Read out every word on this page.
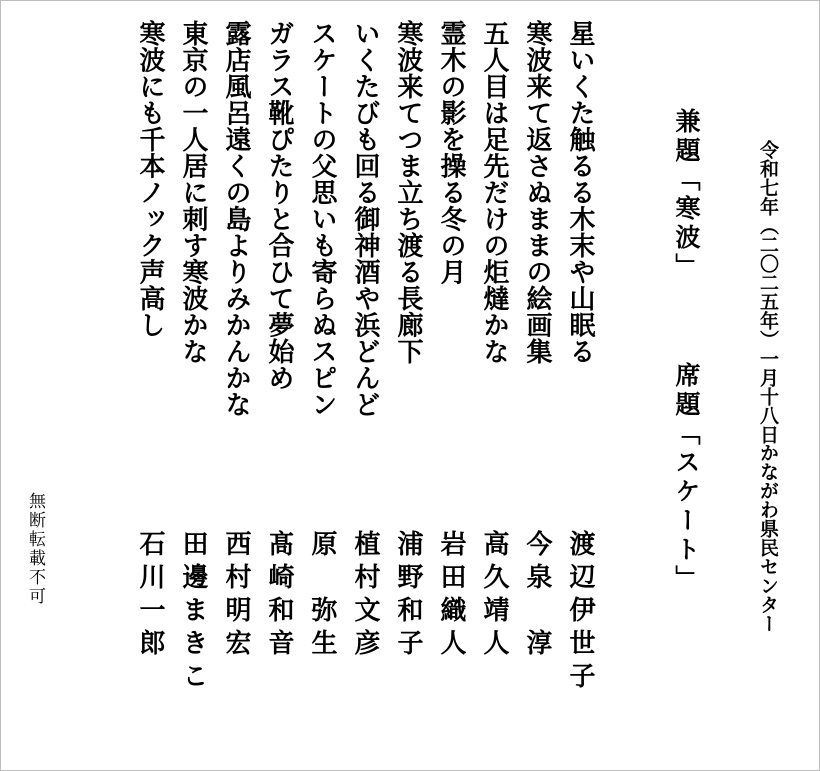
令和七年（二〇二五年）一月十八日
かながわ県民センター
兼題「寒波」
席題「スケート」
星いくた触るる木末や山眠る
渡辺伊世子
寒波来て返さぬままの絵画集
今泉　淳
五人目は足先だけの炬燵かな
高久靖人
霊木の影を操る冬の月
岩田織人
寒波来てつま立ち渡る長廊下
浦野和子
いくたびも回る御神酒や浜どんど
植村文彦
スケートの父思いも寄らぬスピン
原　弥生
ガラス靴ぴたりと合ひて夢始め
髙崎和音
露店風呂遠くの島よりみかんかな
西村明宏
東京の一人居に刺す寒波かな
田邊まきこ
寒波にも千本ノック声高し
石川一郎
無断転載不可
